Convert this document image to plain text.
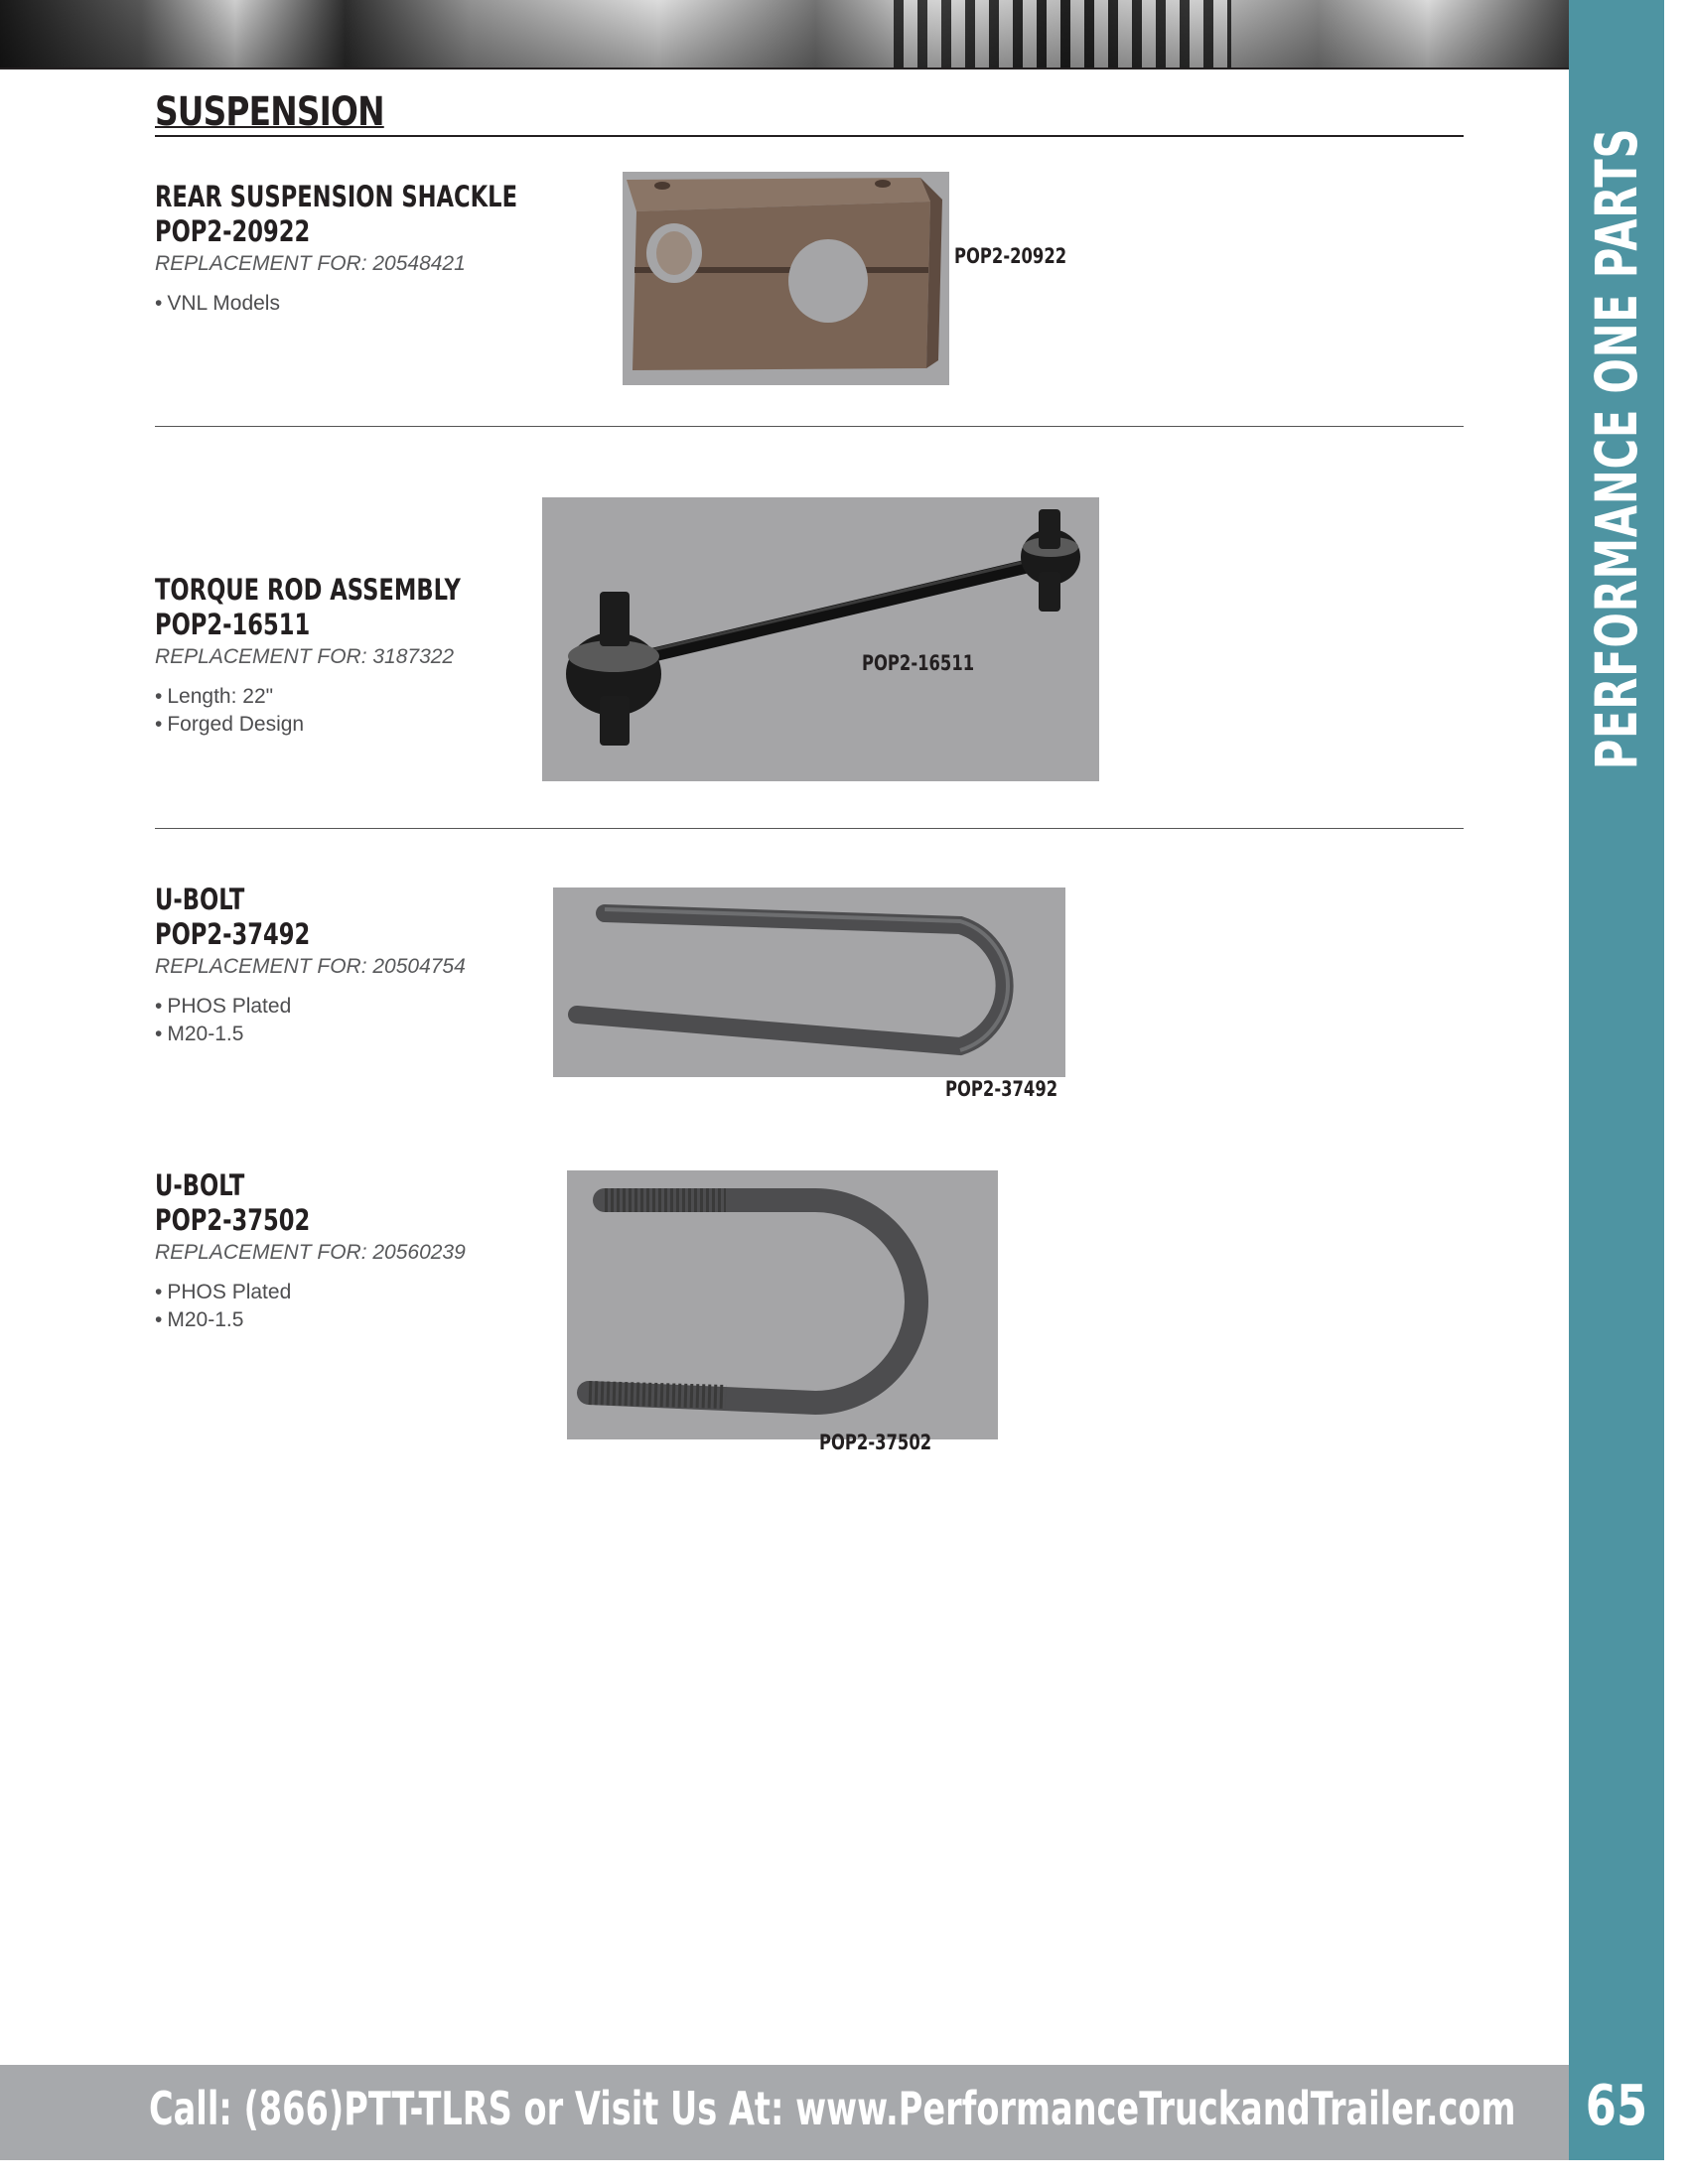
PERFORMANCE ONE PARTS
SUSPENSION
REAR SUSPENSION SHACKLE
POP2-20922
REPLACEMENT FOR: 20548421
• VNL Models
POP2-20922
TORQUE ROD ASSEMBLY
POP2-16511
REPLACEMENT FOR: 3187322
• Length: 22"
• Forged Design
POP2-16511
U-BOLT
POP2-37492
REPLACEMENT FOR: 20504754
• PHOS Plated
• M20-1.5
POP2-37492
U-BOLT
POP2-37502
REPLACEMENT FOR: 20560239
• PHOS Plated
• M20-1.5
POP2-37502
Call: (866)PTT-TLRS or Visit Us At: www.PerformanceTruckandTrailer.com	65
